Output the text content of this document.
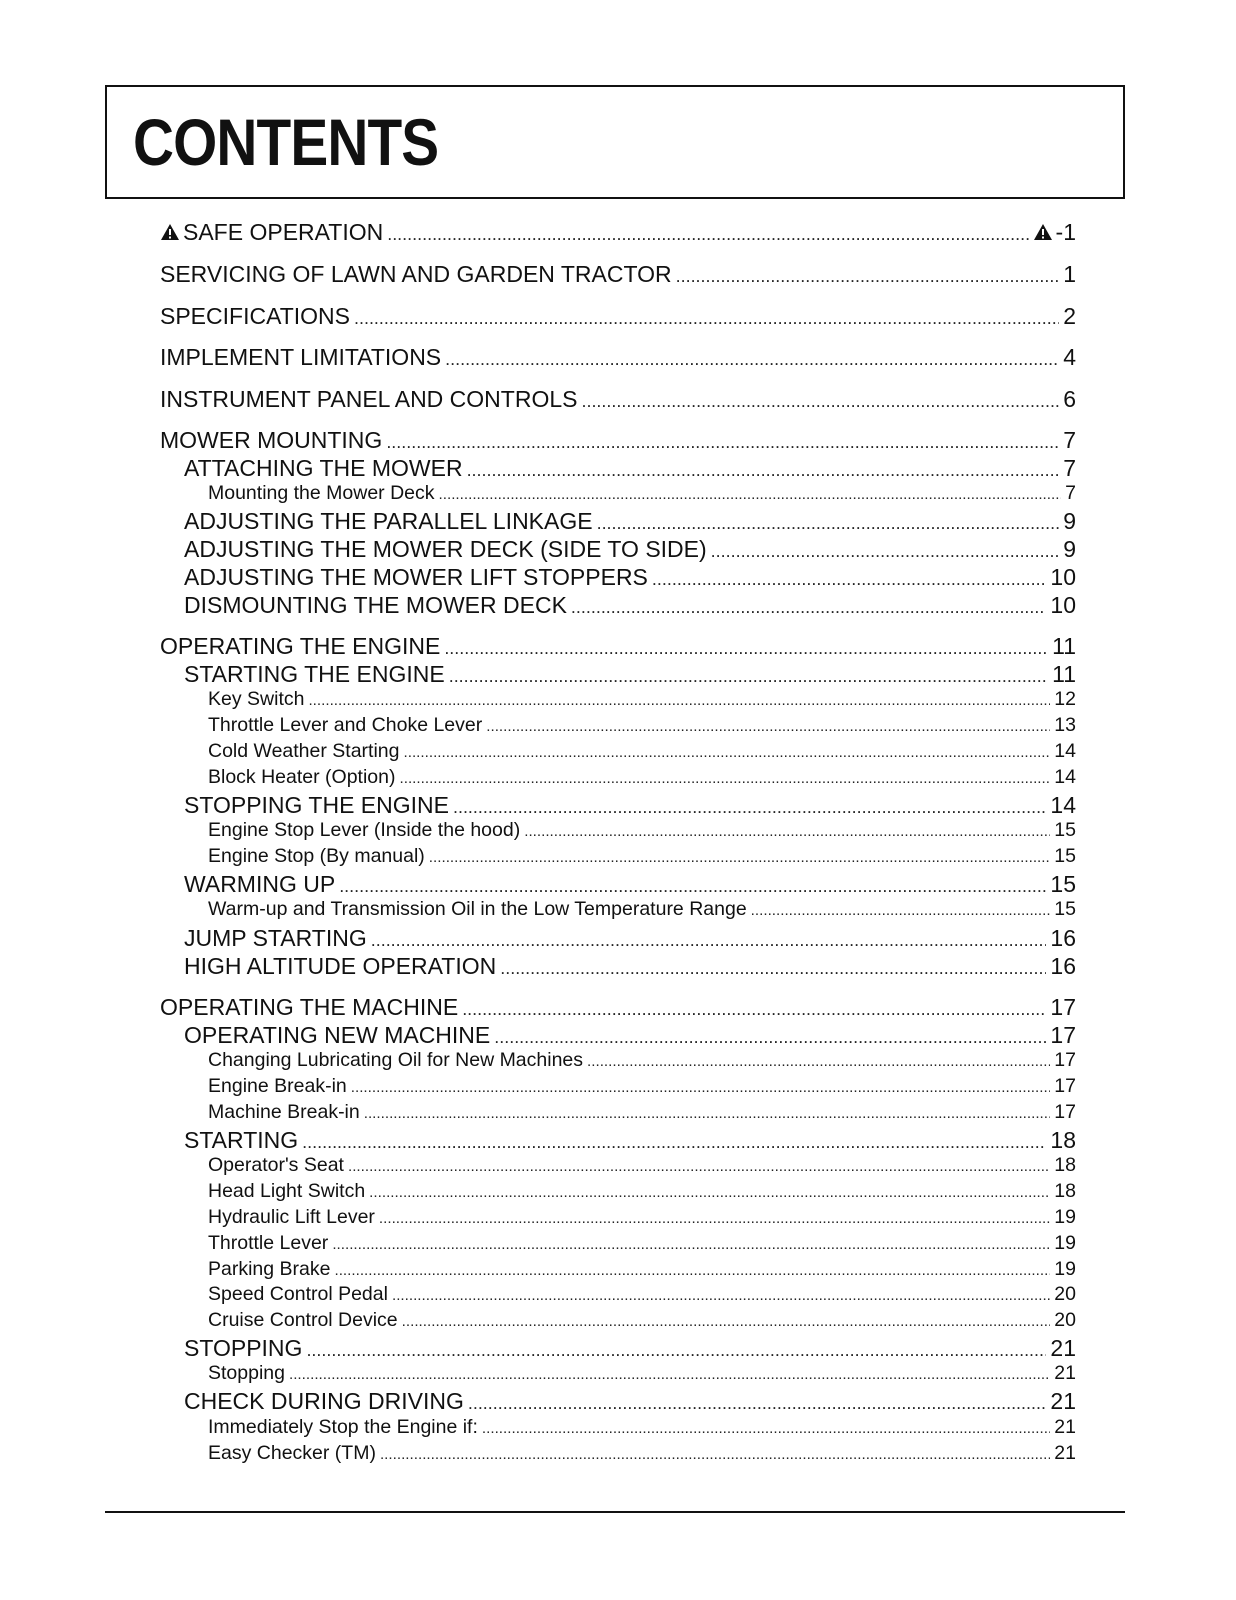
CONTENTS
SAFE OPERATION .....	-1
SERVICING OF LAWN AND GARDEN TRACTOR .....	1
SPECIFICATIONS .....	2
IMPLEMENT LIMITATIONS .....	4
INSTRUMENT PANEL AND CONTROLS .....	6
MOWER MOUNTING .....	7
ATTACHING THE MOWER .....	7
Mounting the Mower Deck .....	7
ADJUSTING THE PARALLEL LINKAGE .....	9
ADJUSTING THE MOWER DECK (SIDE TO SIDE) .....	9
ADJUSTING THE MOWER LIFT STOPPERS .....	10
DISMOUNTING THE MOWER DECK .....	10
OPERATING THE ENGINE .....	11
STARTING THE ENGINE .....	11
Key Switch .....	12
Throttle Lever and Choke Lever .....	13
Cold Weather Starting .....	14
Block Heater (Option) .....	14
STOPPING THE ENGINE .....	14
Engine Stop Lever (Inside the hood) .....	15
Engine Stop (By manual) .....	15
WARMING UP .....	15
Warm-up and Transmission Oil in the Low Temperature Range .....	15
JUMP STARTING .....	16
HIGH ALTITUDE OPERATION .....	16
OPERATING THE MACHINE .....	17
OPERATING NEW MACHINE .....	17
Changing Lubricating Oil for New Machines .....	17
Engine Break-in .....	17
Machine Break-in .....	17
STARTING .....	18
Operator's Seat .....	18
Head Light Switch .....	18
Hydraulic Lift Lever .....	19
Throttle Lever .....	19
Parking Brake .....	19
Speed Control Pedal .....	20
Cruise Control Device .....	20
STOPPING .....	21
Stopping .....	21
CHECK DURING DRIVING .....	21
Immediately Stop the Engine if: .....	21
Easy Checker (TM) .....	21
